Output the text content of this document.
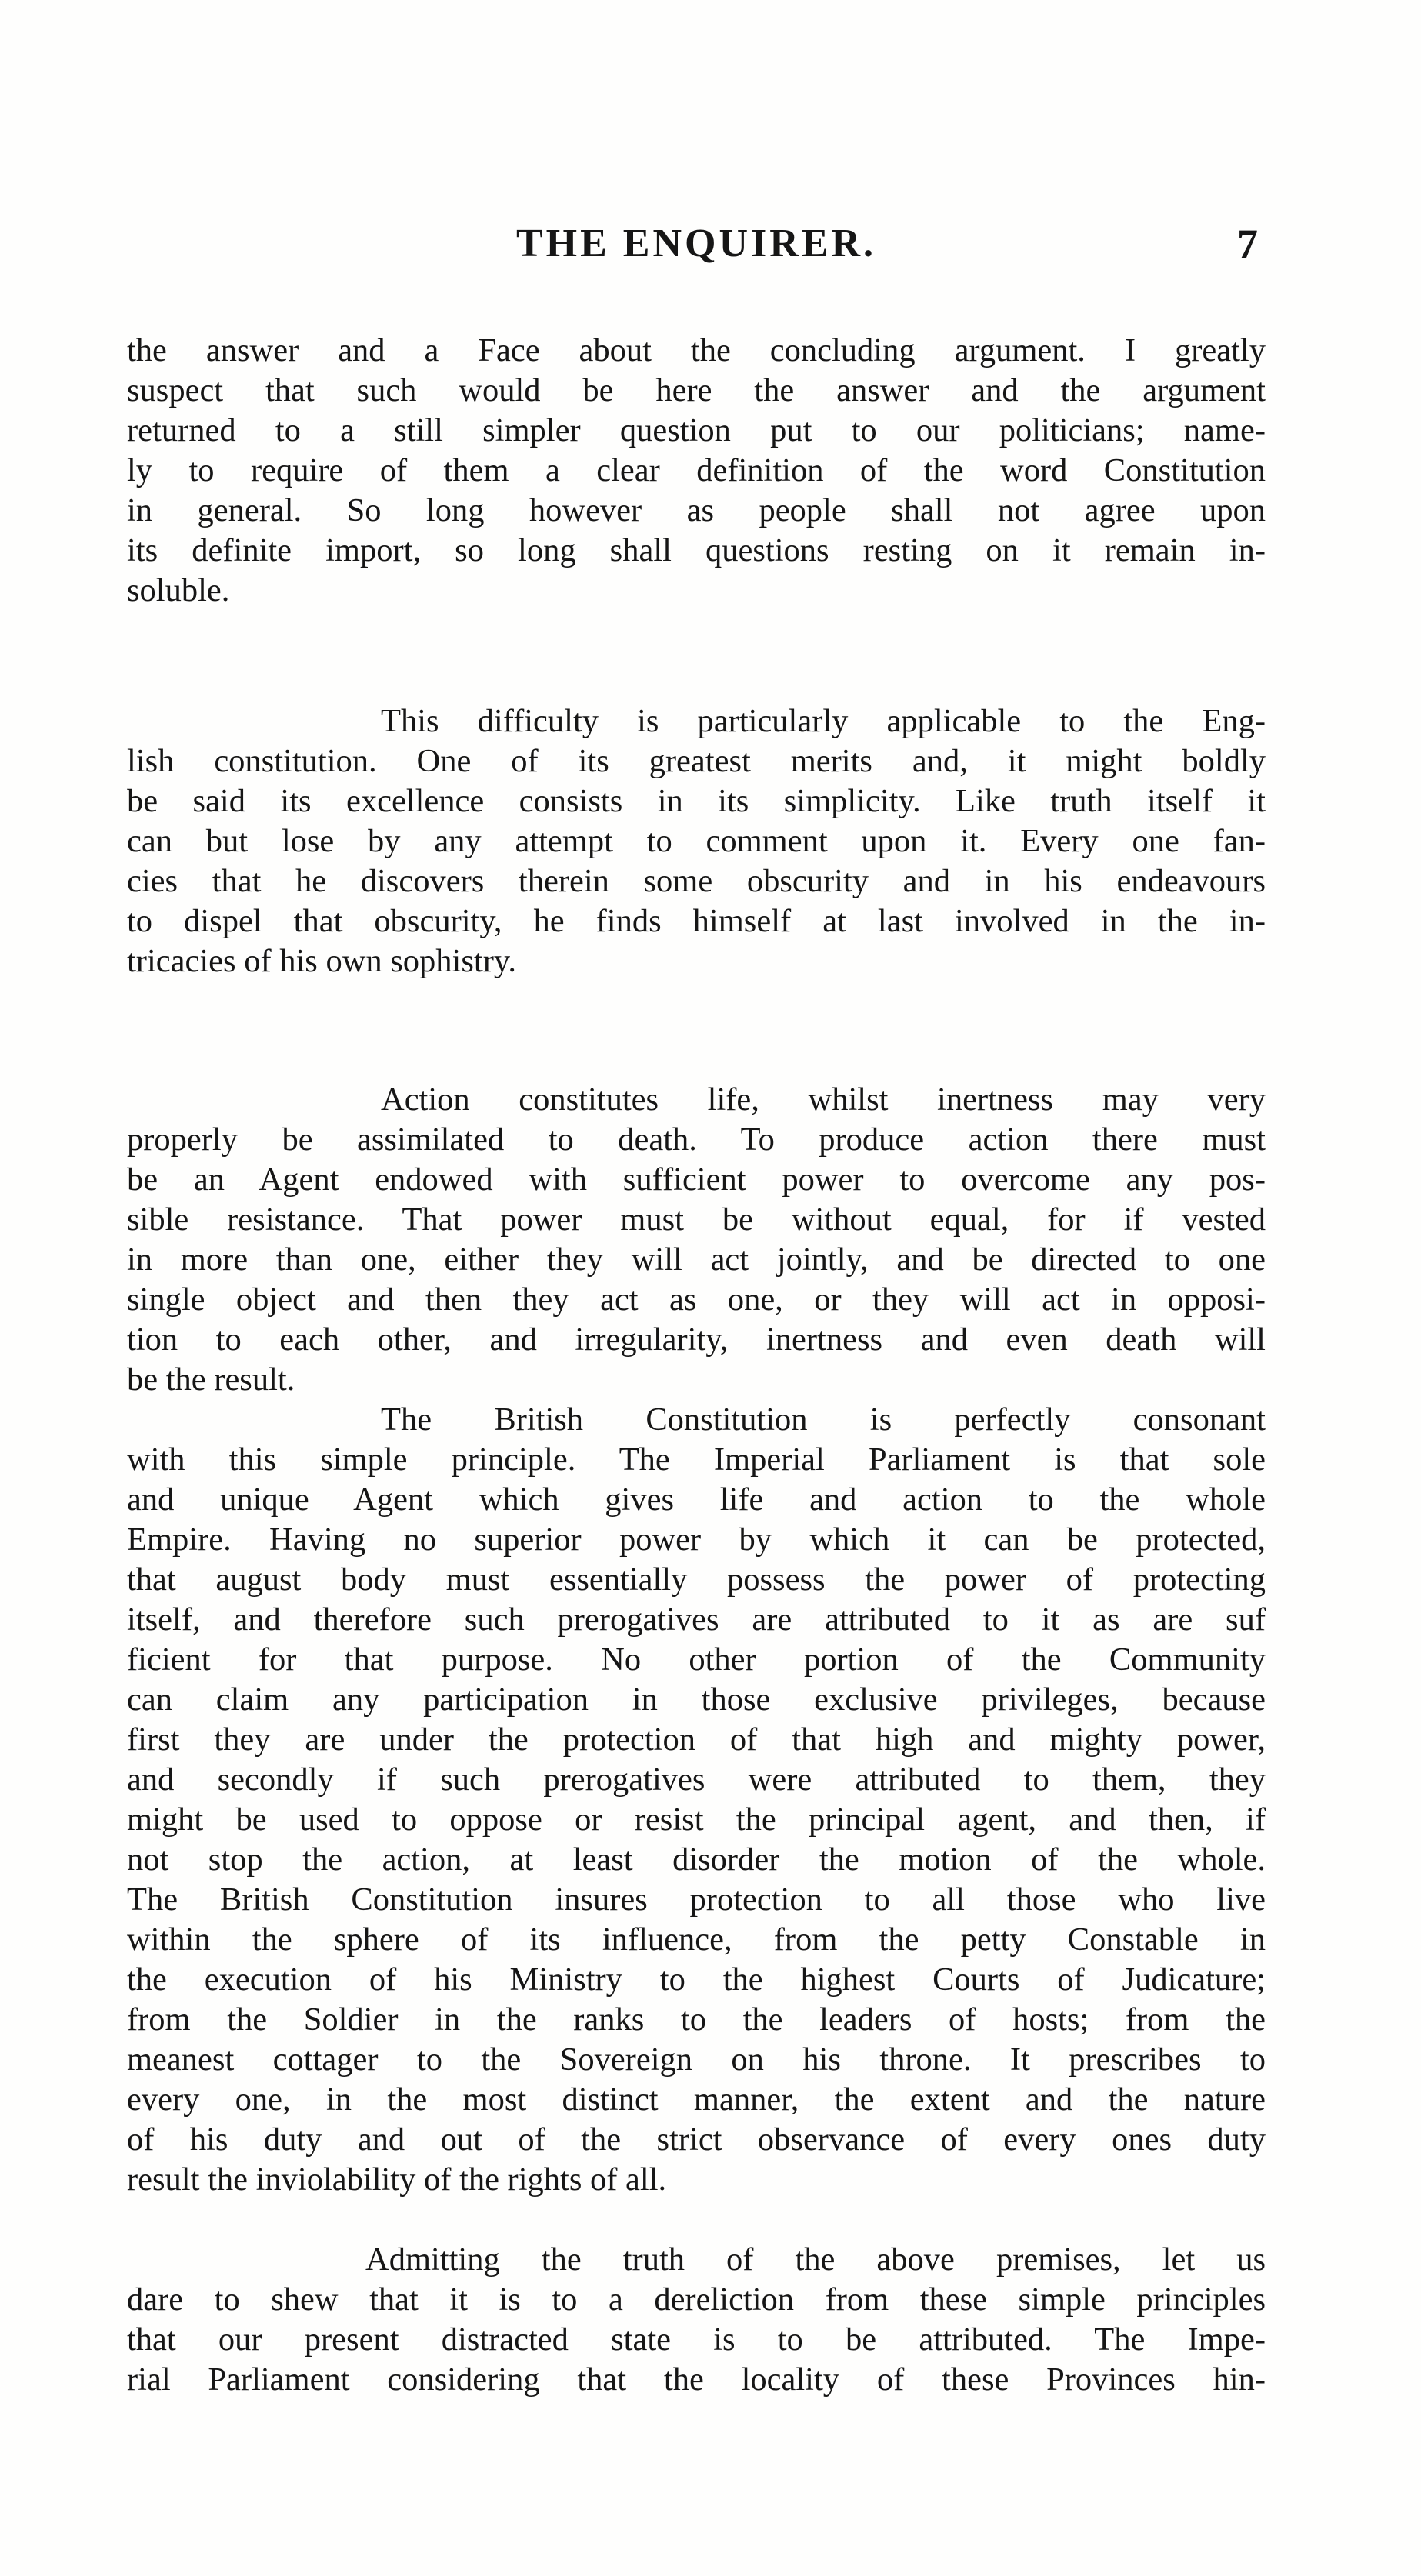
THE ENQUIRER.	7
the answer and a Face about the concluding argument. I greatly
suspect that such would be here the answer and the argument
returned to a still simpler question put to our politicians; name-
ly to require of them a clear definition of the word Constitution
in general. So long however as people shall not agree upon
its definite import, so long shall questions resting on it remain in-
soluble.
This difficulty is particularly applicable to the Eng-
lish constitution. One of its greatest merits and, it might boldly
be said its excellence consists in its simplicity. Like truth itself it
can but lose by any attempt to comment upon it. Every one fan-
cies that he discovers therein some obscurity and in his endeavours
to dispel that obscurity, he finds himself at last involved in the in-
tricacies of his own sophistry.
Action constitutes life, whilst inertness may very
properly be assimilated to death. To produce action there must
be an Agent endowed with sufficient power to overcome any pos-
sible resistance. That power must be without equal, for if vested
in more than one, either they will act jointly, and be directed to one
single object and then they act as one, or they will act in opposi-
tion to each other, and irregularity, inertness and even death will
be the result.
The British Constitution is perfectly consonant
with this simple principle. The Imperial Parliament is that sole
and unique Agent which gives life and action to the whole
Empire. Having no superior power by which it can be protected,
that august body must essentially possess the power of protecting
itself, and therefore such prerogatives are attributed to it as are suf
ficient for that purpose. No other portion of the Community
can claim any participation in those exclusive privileges, because
first they are under the protection of that high and mighty power,
and secondly if such prerogatives were attributed to them, they
might be used to oppose or resist the principal agent, and then, if
not stop the action, at least disorder the motion of the whole.
The British Constitution insures protection to all those who live
within the sphere of its influence, from the petty Constable in
the execution of his Ministry to the highest Courts of Judicature;
from the Soldier in the ranks to the leaders of hosts; from the
meanest cottager to the Sovereign on his throne. It prescribes to
every one, in the most distinct manner, the extent and the nature
of his duty and out of the strict observance of every ones duty
result the inviolability of the rights of all.
Admitting the truth of the above premises, let us
dare to shew that it is to a dereliction from these simple principles
that our present distracted state is to be attributed. The Impe-
rial Parliament considering that the locality of these Provinces hin-
